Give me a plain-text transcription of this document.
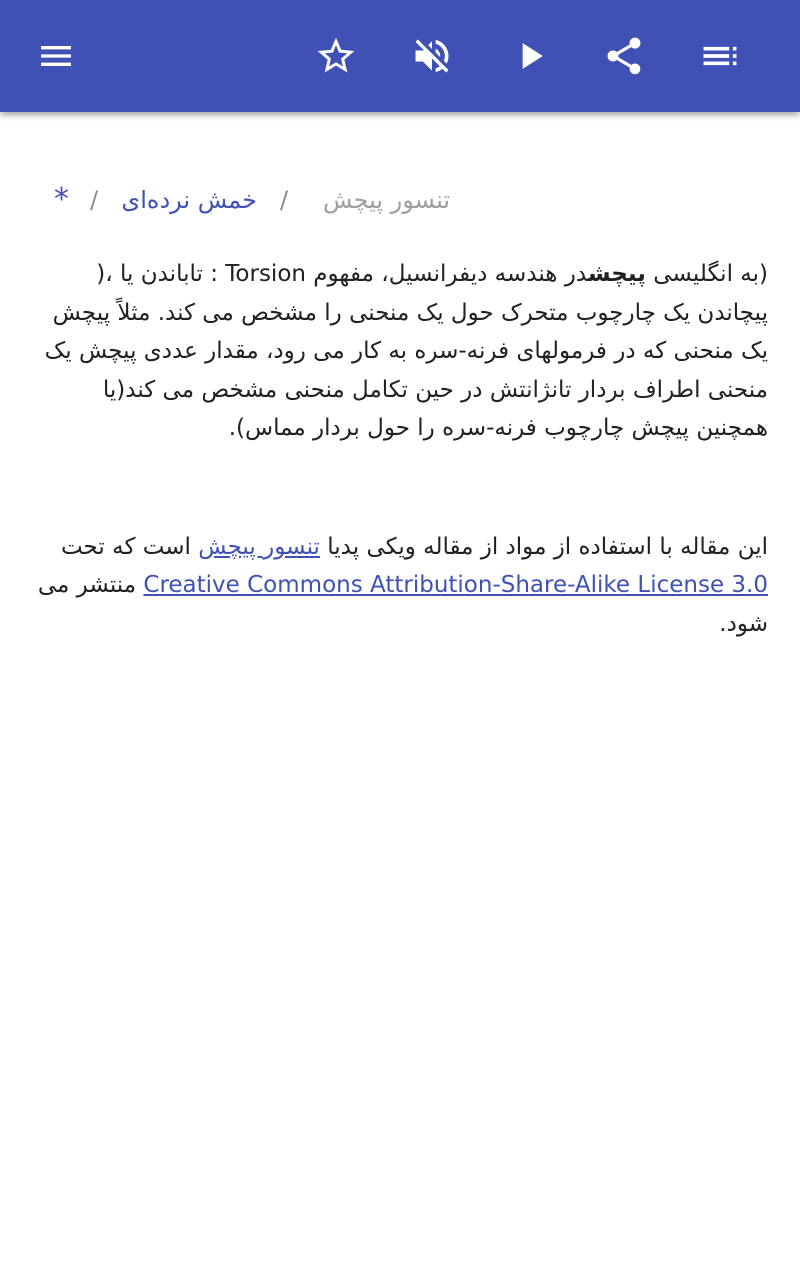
تنسور پیچش
/
خمش نرده‌ای
/
*

(به انگلیسی پیچشدر هندسه دیفرانسیل، مفهوم : Torsion تاباندن یا ،( پیچاندن یک چارچوب متحرک حول یک منحنی را مشخص می کند. مثلاً پیچش یک منحنی که در فرمولهای فرنه-سره به کار می رود، مقدار عددی پیچش یک منحنی اطراف بردار تانژانتش در حین تکامل منحنی مشخص می کند(یا همچنین پیچش چارچوب فرنه-سره را حول بردار مماس).

این مقاله با استفاده از مواد از مقاله ویکی پدیا تنسور پیچش است که تحت Creative Commons Attribution-Share-Alike License 3.0 منتشر می شود.
